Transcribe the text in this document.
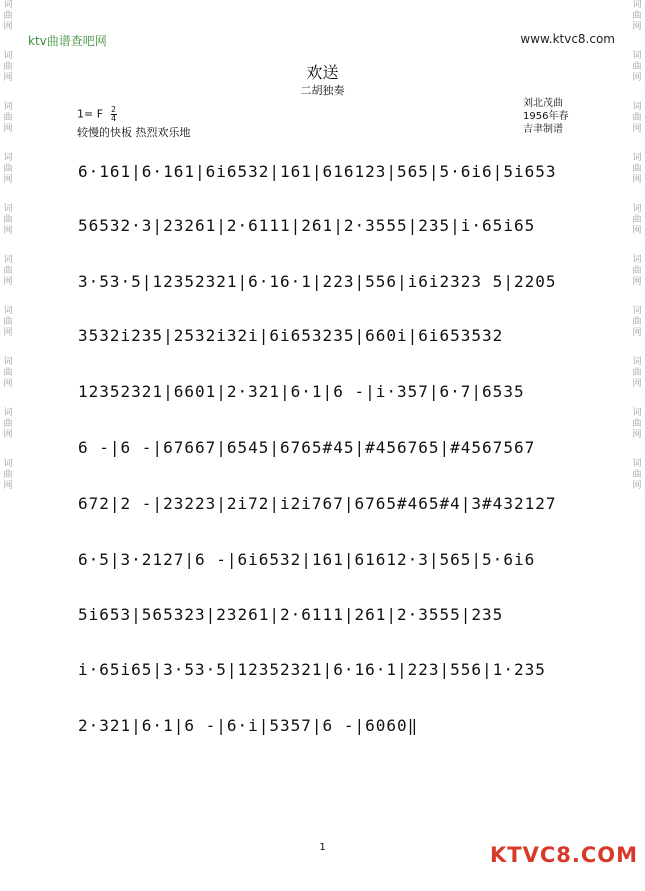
词
曲
网
词
曲
网
词
曲
网
词
曲
网
词
曲
网
词
曲
网
词
曲
网
词
曲
网
词
曲
网
词
曲
网
词
曲
网
词
曲
网
词
曲
网
词
曲
网
词
曲
网
词
曲
网
词
曲
网
词
曲
网
词
曲
网
词
曲
网
ktv曲谱查吧网	www.ktvc8.com
欢送
二胡独奏
1= F $\frac{2}{4}$
较慢的快板 热烈欢乐地
刘北茂曲
1956年春
吉聿制谱
6·161|6·161|6i6532|161|616123|565|5·6i6|5i653
56532·3|23261|2·6111|261|2·3555|235|i·65i65
3·53·5|12352321|6·16·1|223|556|i6i2323 5|2205
3532i235|2532i32i|6i653235|660i|6i653532
12352321|6601|2·321|6·1|6 -|i·357|6·7|6535
6 -|6 -|67667|6545|6765#45|#456765|#4567567
672|2 -|23223|2i72|i2i767|6765#465#4|3#432127
6·5|3·2127|6 -|6i6532|161|61612·3|565|5·6i6
5i653|565323|23261|2·6111|261|2·3555|235
i·65i65|3·53·5|12352321|6·16·1|223|556|1·235
2·321|6·1|6 -|6·i|5357|6 -|6060‖
1	KTVC8.COM
